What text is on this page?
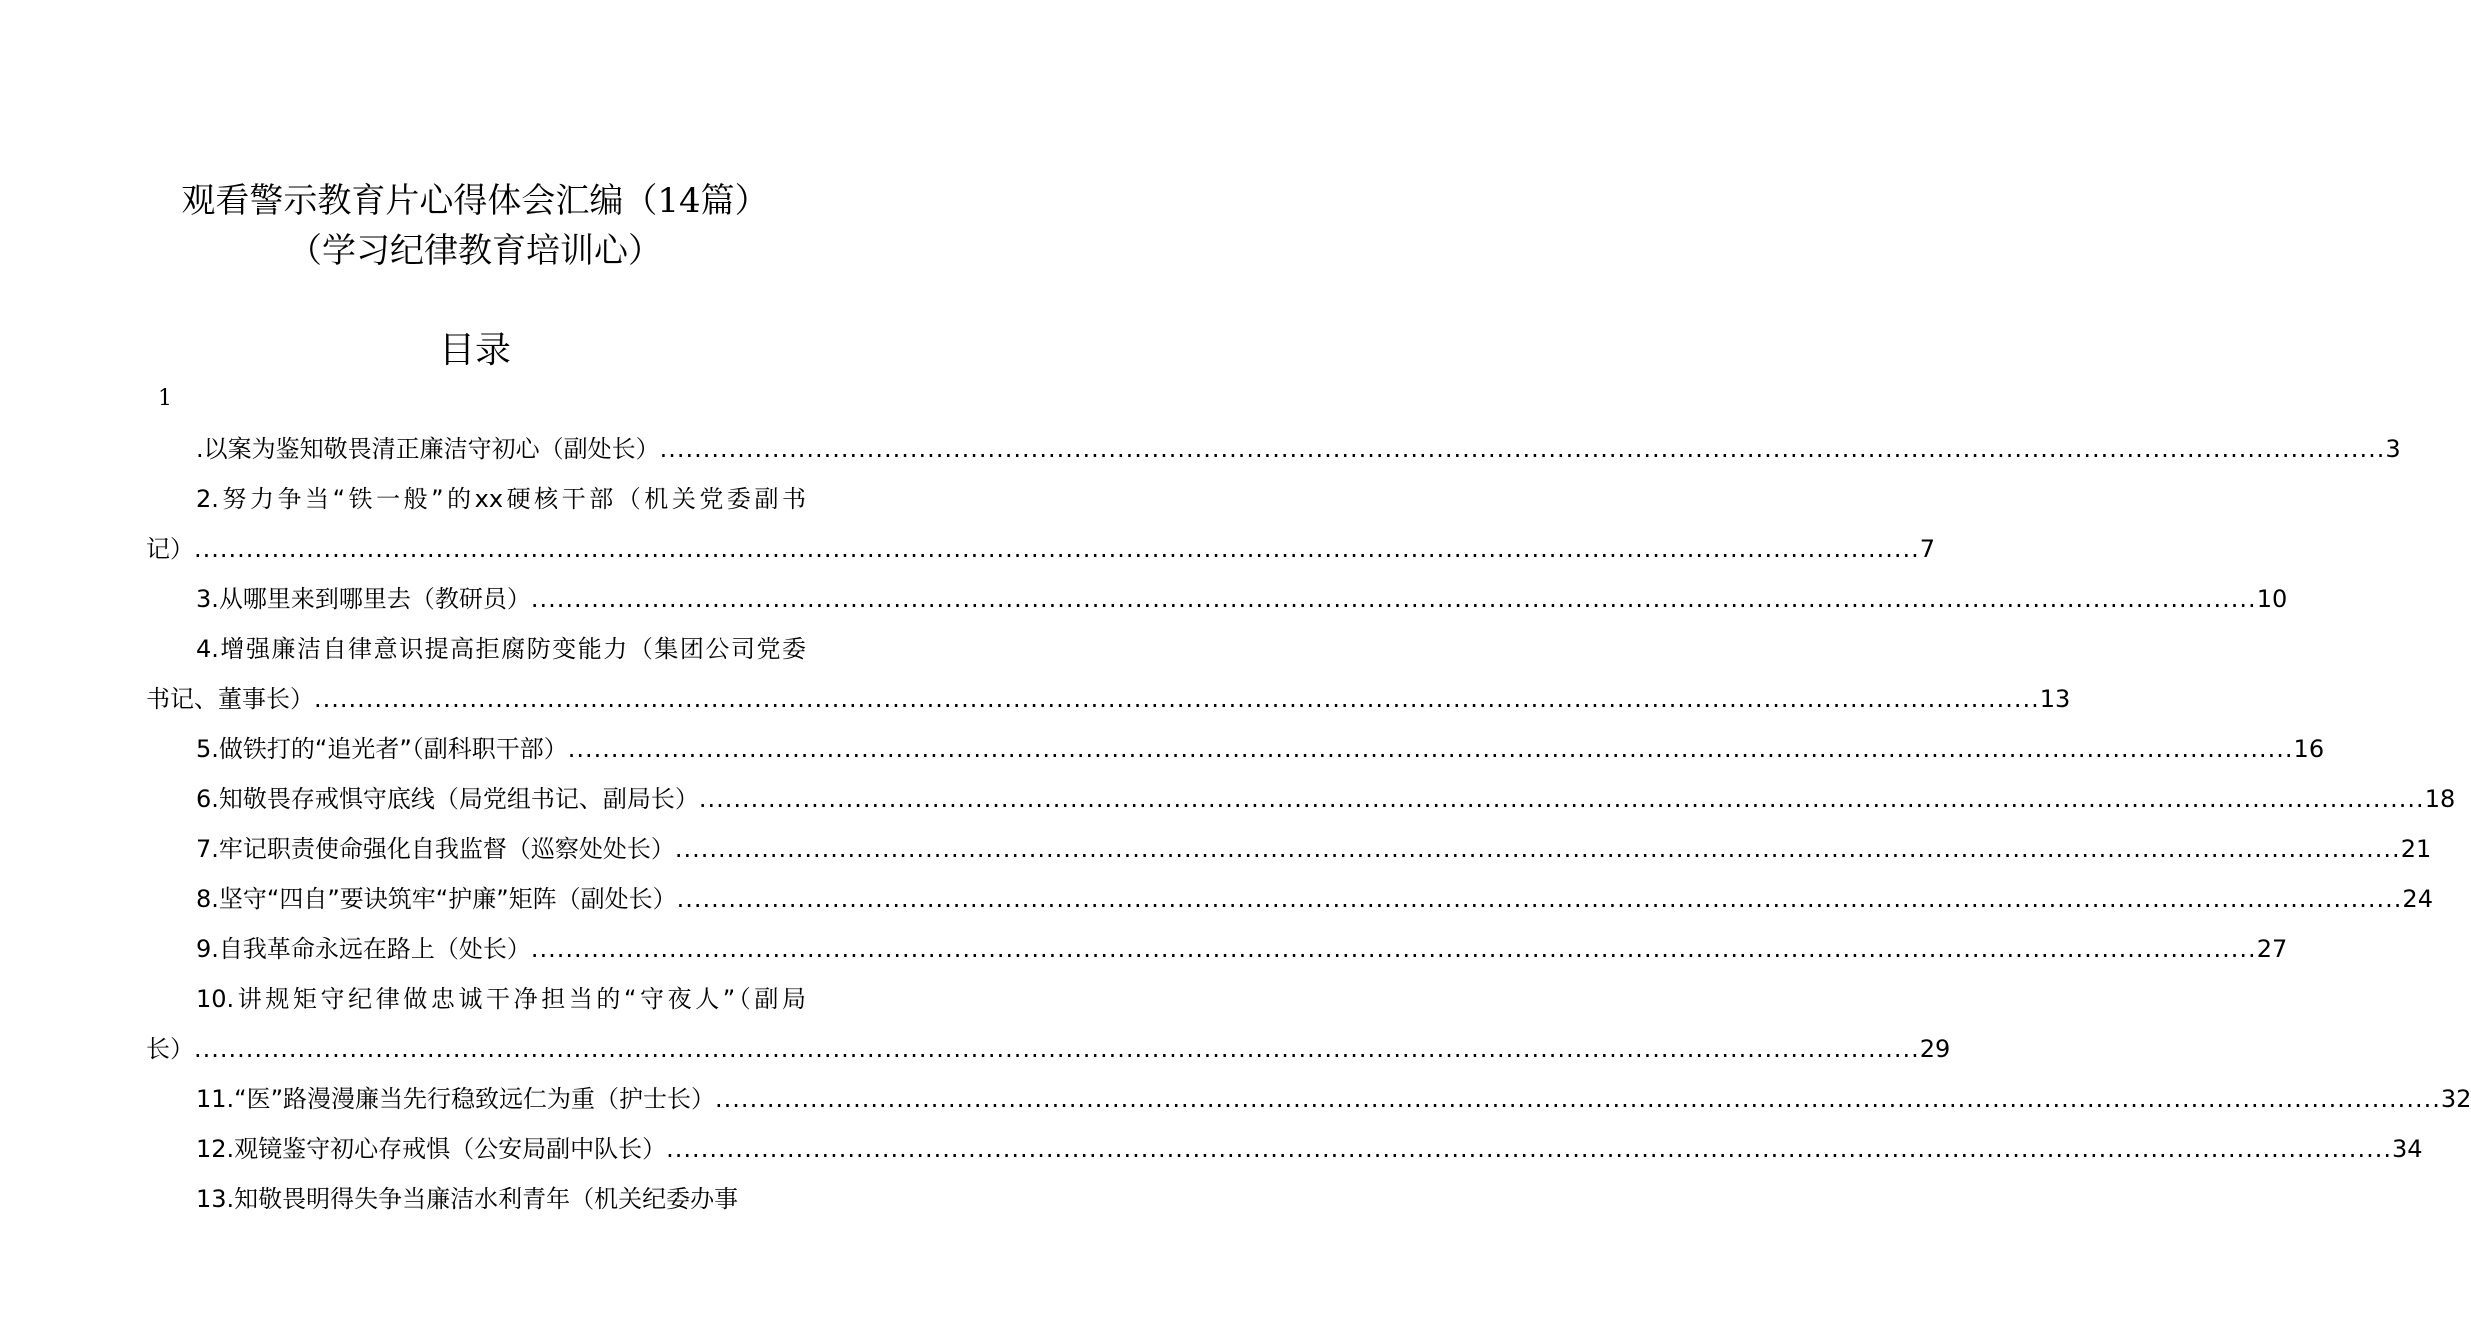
观看警示教育片心得体会汇编（14篇）
（学习纪律教育培训心）
目录
1
.以案为鉴知敬畏清正廉洁守初心（副处长） ........................................................................................................................................................................................................ 3
2.努力争当“铁一般”的xx硬核干部（机关党委副书
记） ........................................................................................................................................................................................................ 7
3.从哪里来到哪里去（教研员） ........................................................................................................................................................................................................ 10
4.增强廉洁自律意识提高拒腐防变能力（集团公司党委
书记、董事长） ........................................................................................................................................................................................................ 13
5.做铁打的“追光者”（副科职干部） ........................................................................................................................................................................................................ 16
6.知敬畏存戒惧守底线（局党组书记、副局长） ........................................................................................................................................................................................................ 18
7.牢记职责使命强化自我监督（巡察处处长） ........................................................................................................................................................................................................ 21
8.坚守“四自”要诀筑牢“护廉”矩阵（副处长） ........................................................................................................................................................................................................ 24
9.自我革命永远在路上（处长） ........................................................................................................................................................................................................ 27
10.讲规矩守纪律做忠诚干净担当的“守夜人”（副局
长） ........................................................................................................................................................................................................ 29
11.“医”路漫漫廉当先行稳致远仁为重（护士长） ........................................................................................................................................................................................................ 32
12.观镜鉴守初心存戒惧（公安局副中队长） ........................................................................................................................................................................................................ 34
13.知敬畏明得失争当廉洁水利青年（机关纪委办事
